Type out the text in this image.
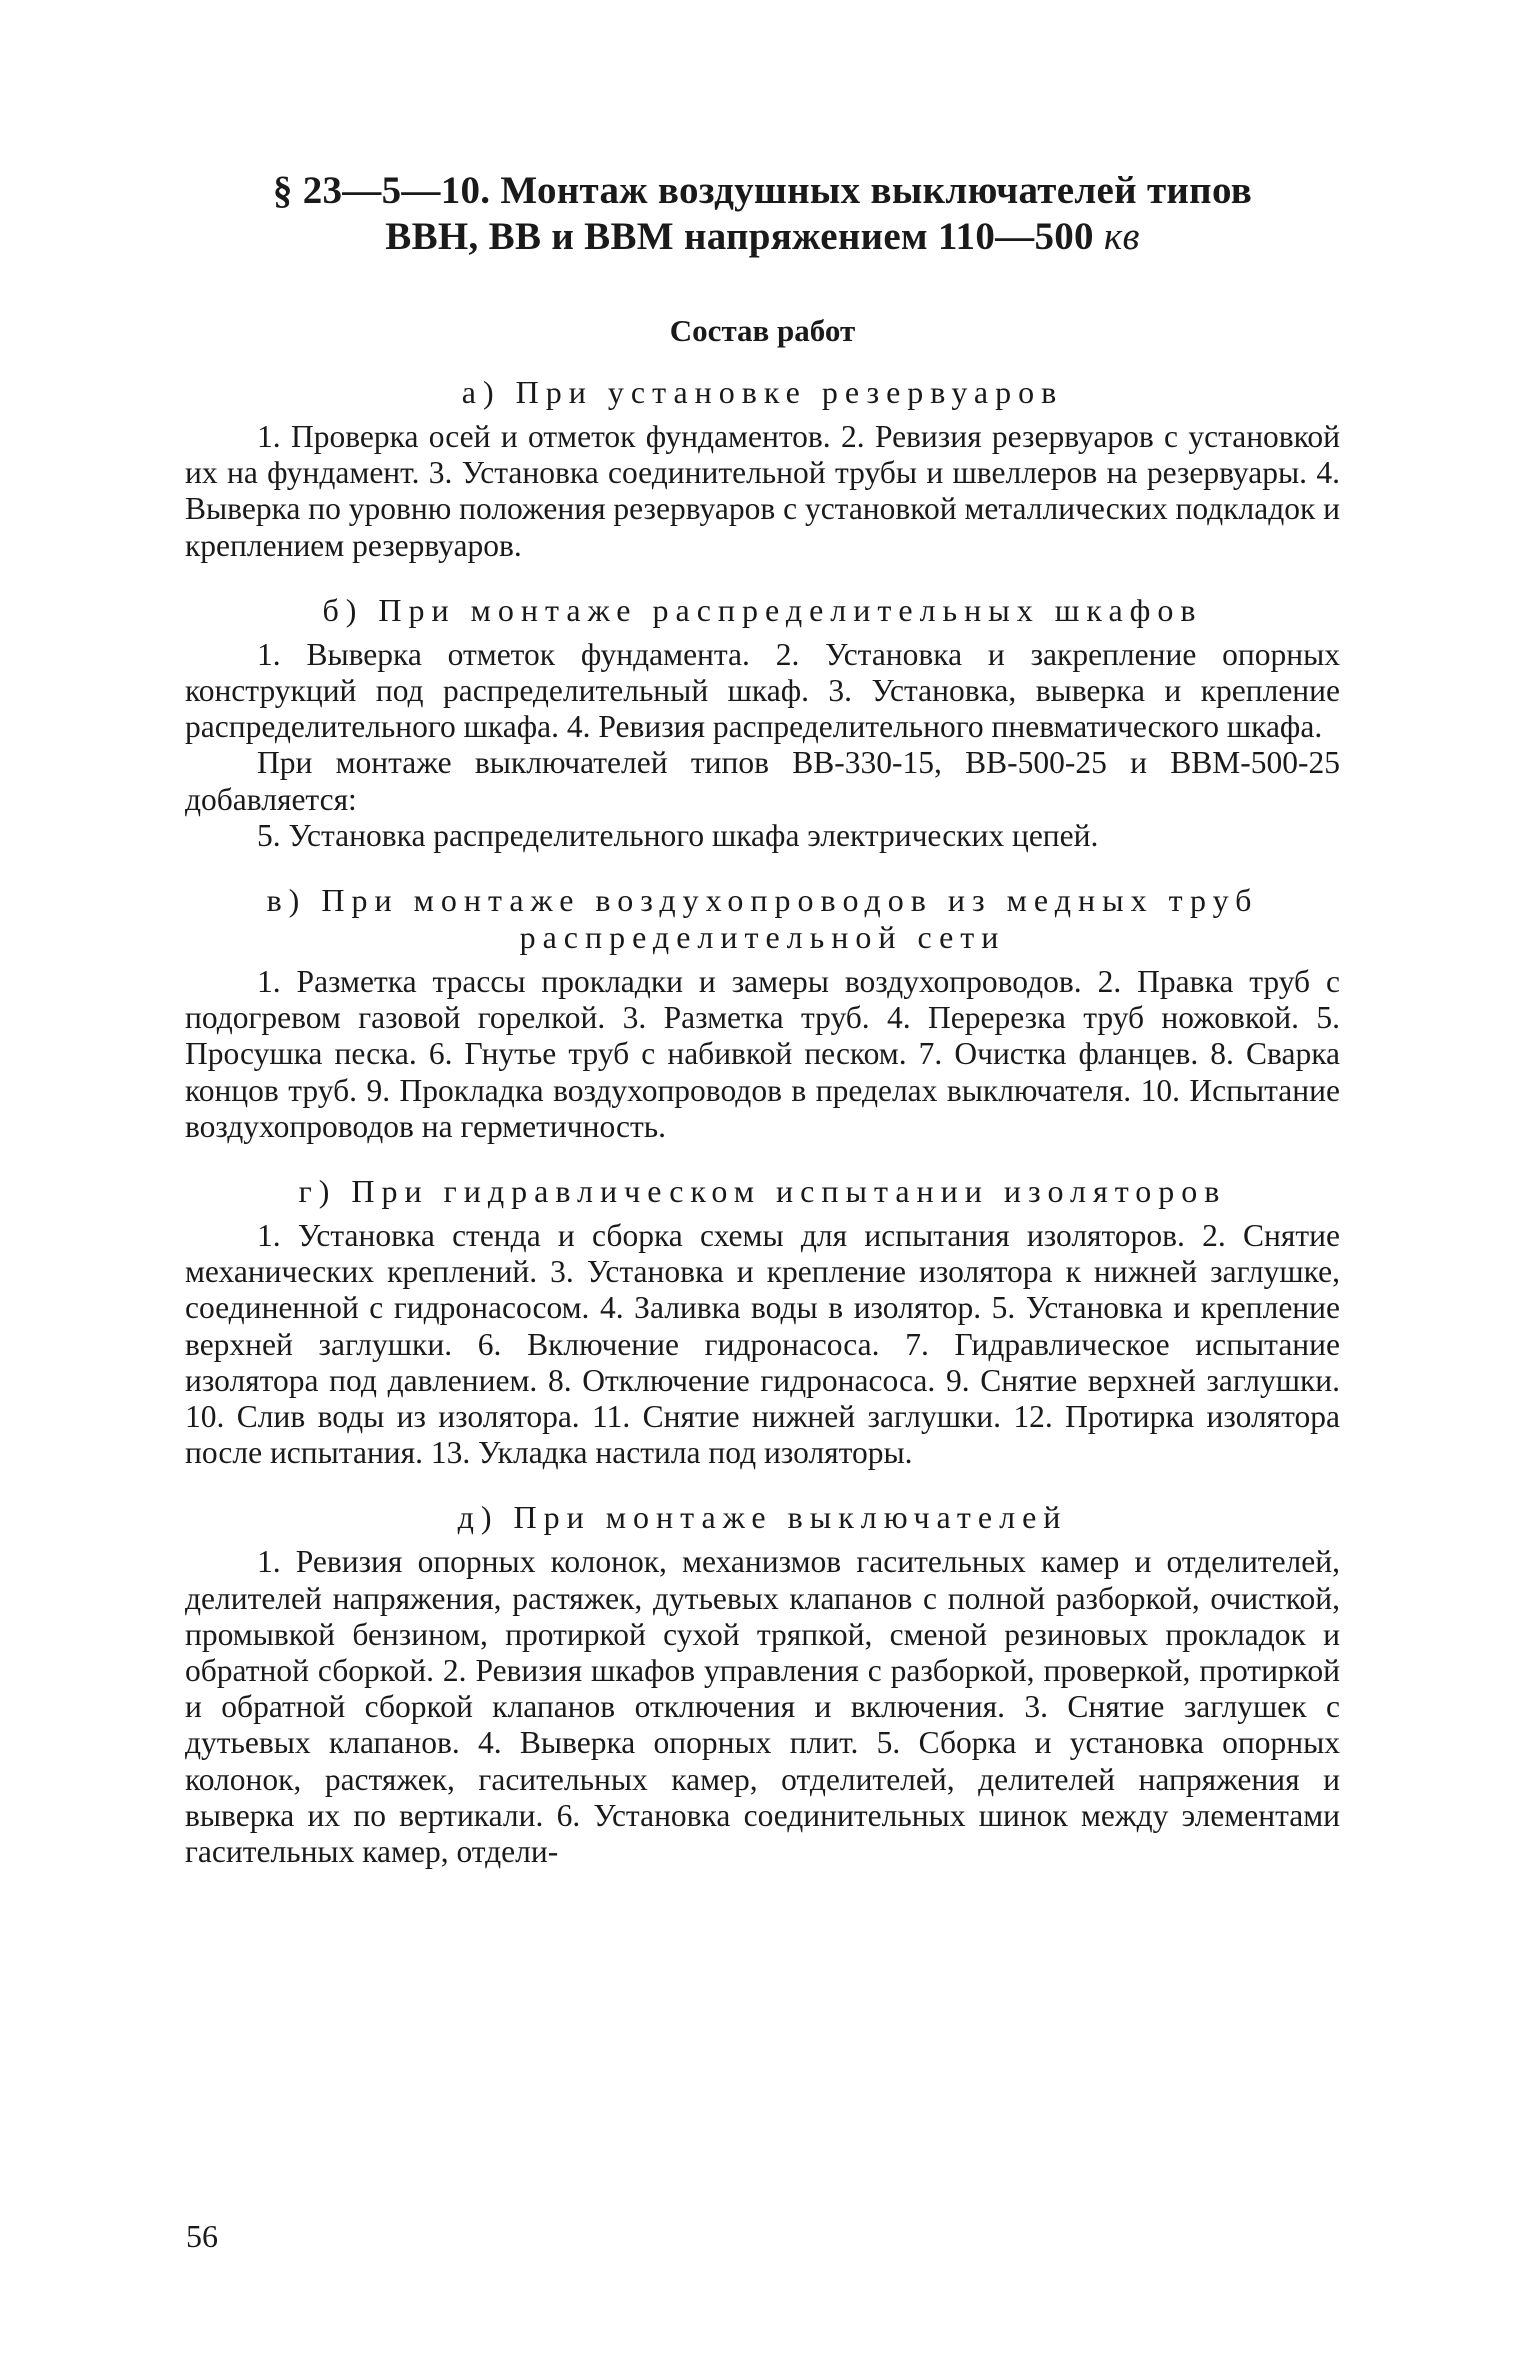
§ 23—5—10. Монтаж воздушных выключателей типов
ВВН, ВВ и ВВМ напряжением 110—500 кв
Состав работ
а) При установке резервуаров

1. Проверка осей и отметок фундаментов. 2. Ревизия резервуаров с установкой их на фундамент. 3. Установка соединительной трубы и швеллеров на резервуары. 4. Выверка по уровню положения резервуаров с установкой металлических подкладок и креплением резервуаров.

б) При монтаже распределительных шкафов

1. Выверка отметок фундамента. 2. Установка и закрепление опорных конструкций под распределительный шкаф. 3. Установка, выверка и крепление распределительного шкафа. 4. Ревизия распределительного пневматического шкафа.

При монтаже выключателей типов ВВ-330-15, ВВ-500-25 и ВВМ-500-25 добавляется:

5. Установка распределительного шкафа электрических цепей.

в) При монтаже воздухопроводов из медных труб
распределительной сети

1. Разметка трассы прокладки и замеры воздухопроводов. 2. Правка труб с подогревом газовой горелкой. 3. Разметка труб. 4. Перерезка труб ножовкой. 5. Просушка песка. 6. Гнутье труб с набивкой песком. 7. Очистка фланцев. 8. Сварка концов труб. 9. Прокладка воздухопроводов в пределах выключателя. 10. Испытание воздухопроводов на герметичность.

г) При гидравлическом испытании изоляторов

1. Установка стенда и сборка схемы для испытания изоляторов. 2. Снятие механических креплений. 3. Установка и крепление изолятора к нижней заглушке, соединенной с гидронасосом. 4. Заливка воды в изолятор. 5. Установка и крепление верхней заглушки. 6. Включение гидронасоса. 7. Гидравлическое испытание изолятора под давлением. 8. Отключение гидронасоса. 9. Снятие верхней заглушки. 10. Слив воды из изолятора. 11. Снятие нижней заглушки. 12. Протирка изолятора после испытания. 13. Укладка настила под изоляторы.

д) При монтаже выключателей

1. Ревизия опорных колонок, механизмов гасительных камер и отделителей, делителей напряжения, растяжек, дутьевых клапанов с полной разборкой, очисткой, промывкой бензином, протиркой сухой тряпкой, сменой резиновых прокладок и обратной сборкой. 2. Ревизия шкафов управления с разборкой, проверкой, протиркой и обратной сборкой клапанов отключения и включения. 3. Снятие заглушек с дутьевых клапанов. 4. Выверка опорных плит. 5. Сборка и установка опорных колонок, растяжек, гасительных камер, отделителей, делителей напряжения и выверка их по вертикали. 6. Установка соединительных шинок между элементами гасительных камер, отдели-

56
